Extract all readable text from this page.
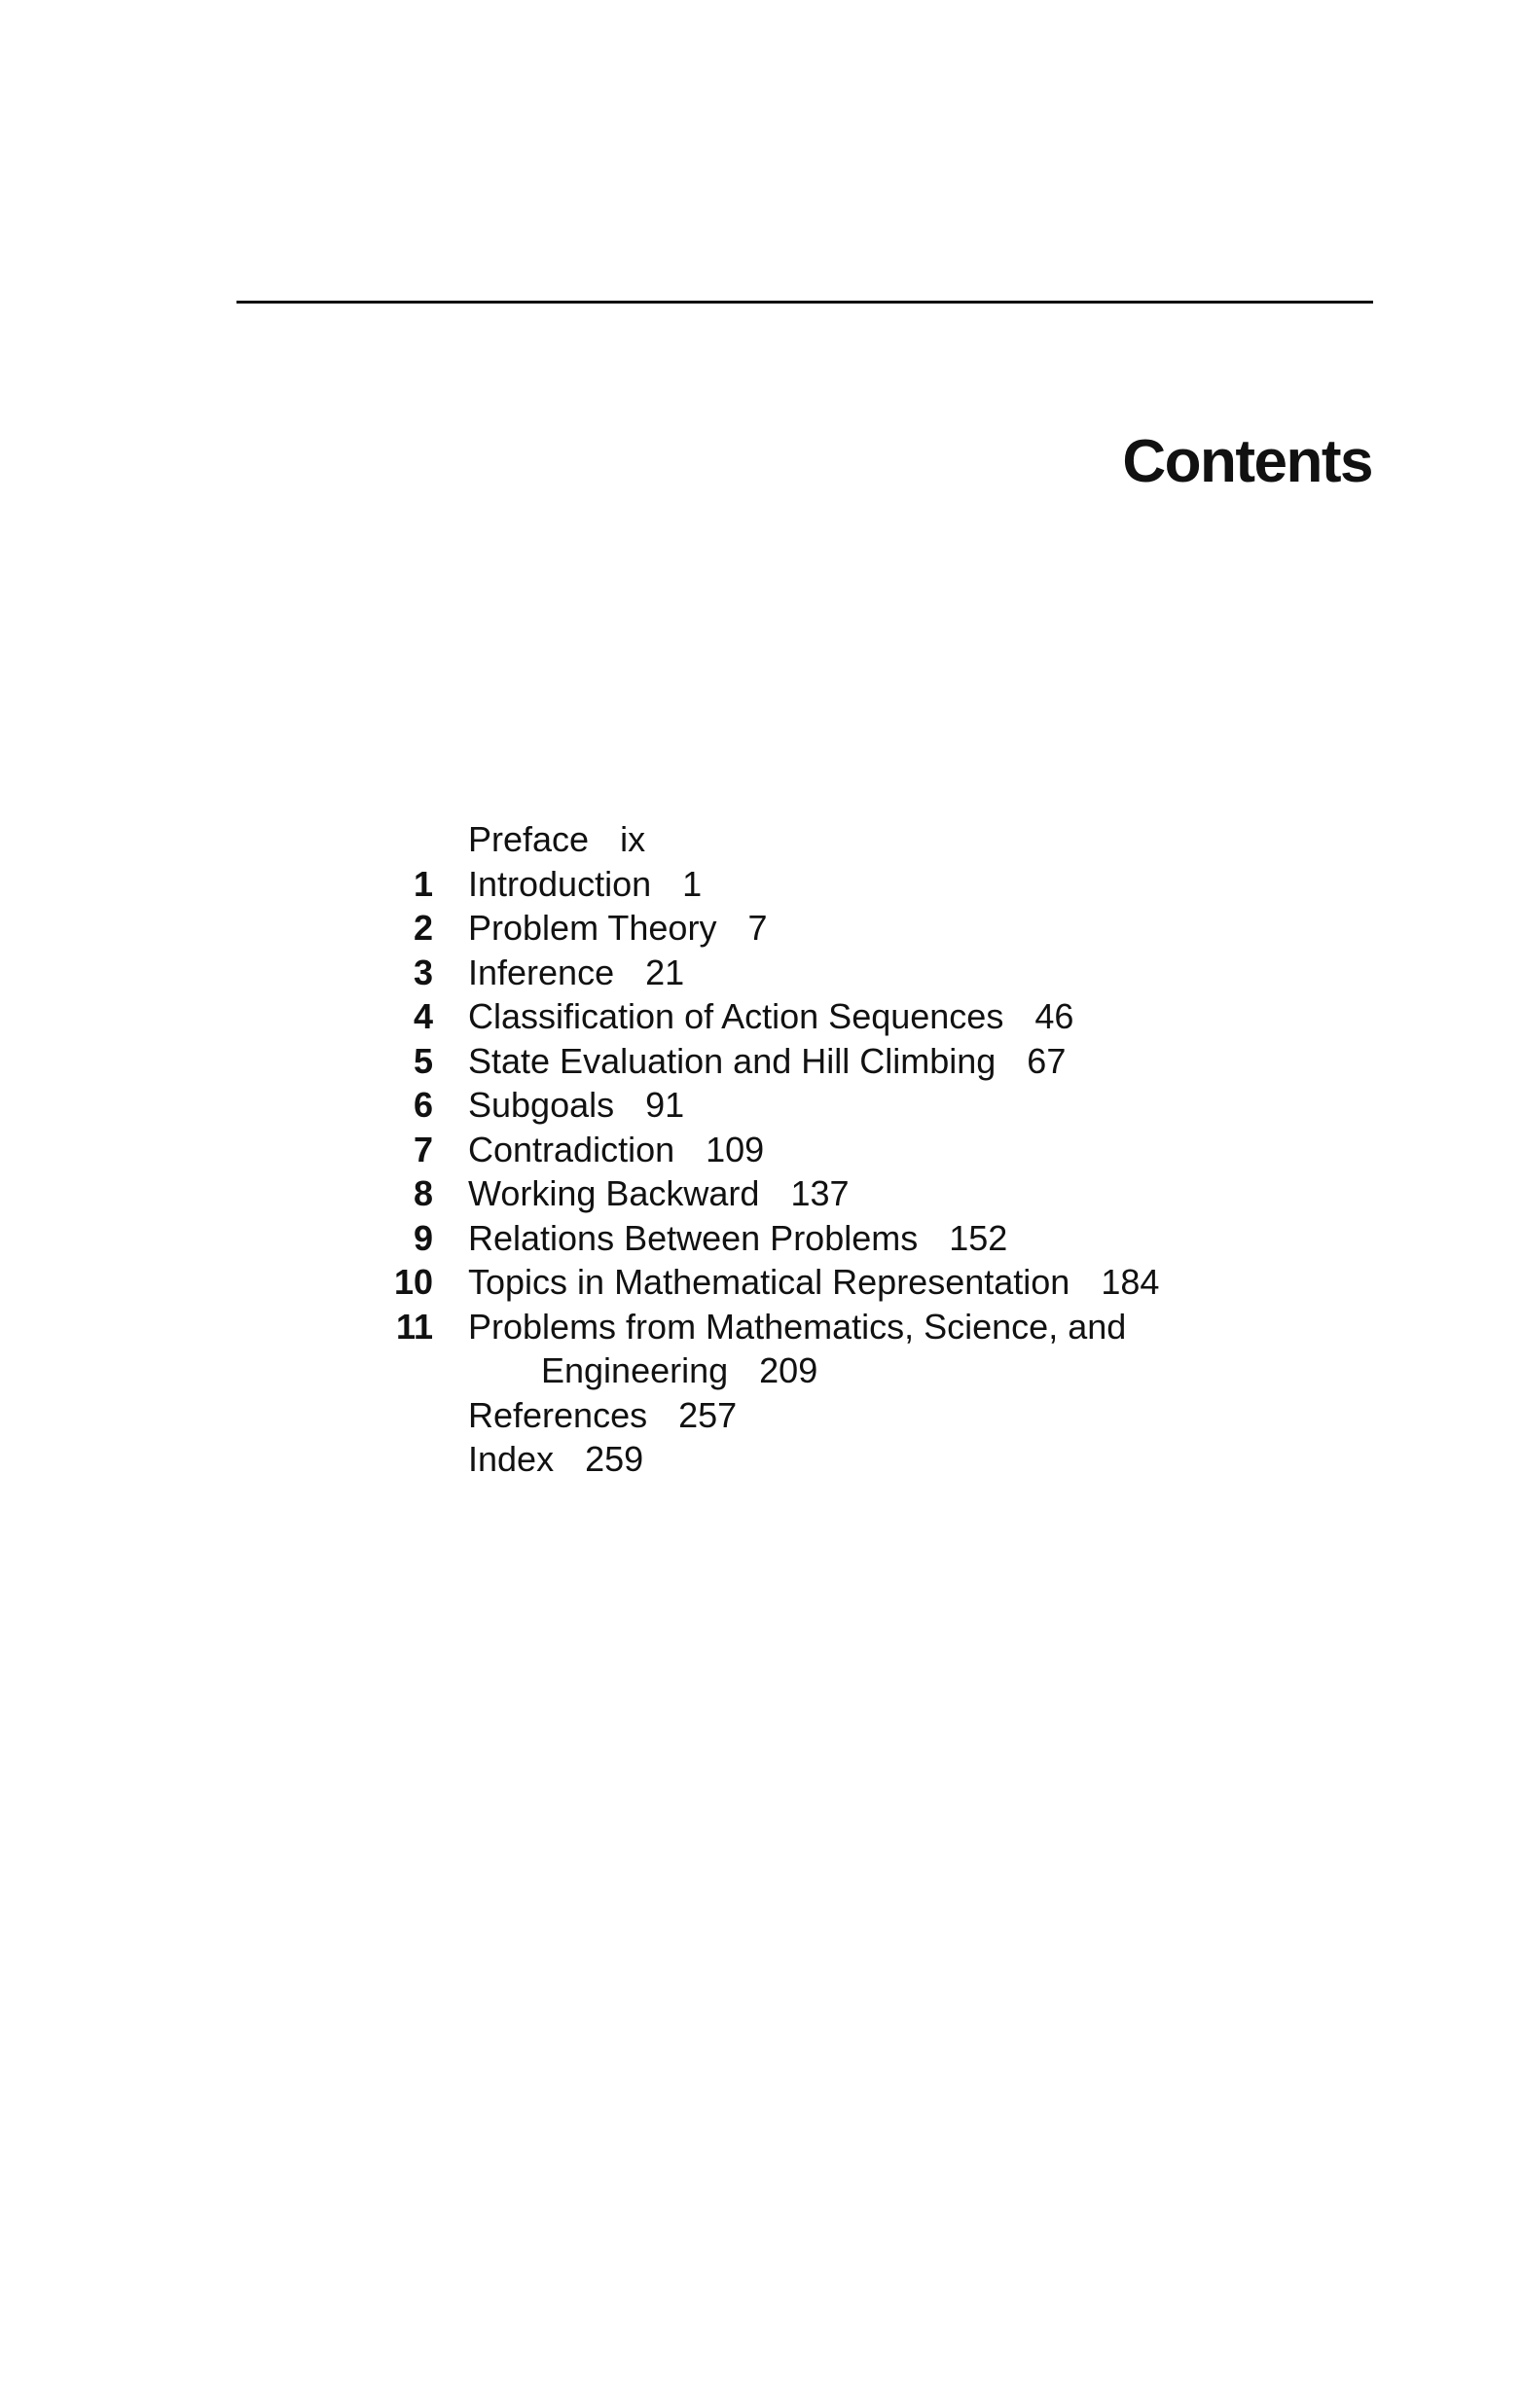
Contents
Preface ix
1 Introduction 1
2 Problem Theory 7
3 Inference 21
4 Classification of Action Sequences 46
5 State Evaluation and Hill Climbing 67
6 Subgoals 91
7 Contradiction 109
8 Working Backward 137
9 Relations Between Problems 152
10 Topics in Mathematical Representation 184
11 Problems from Mathematics, Science, and
Engineering 209
References 257
Index 259
